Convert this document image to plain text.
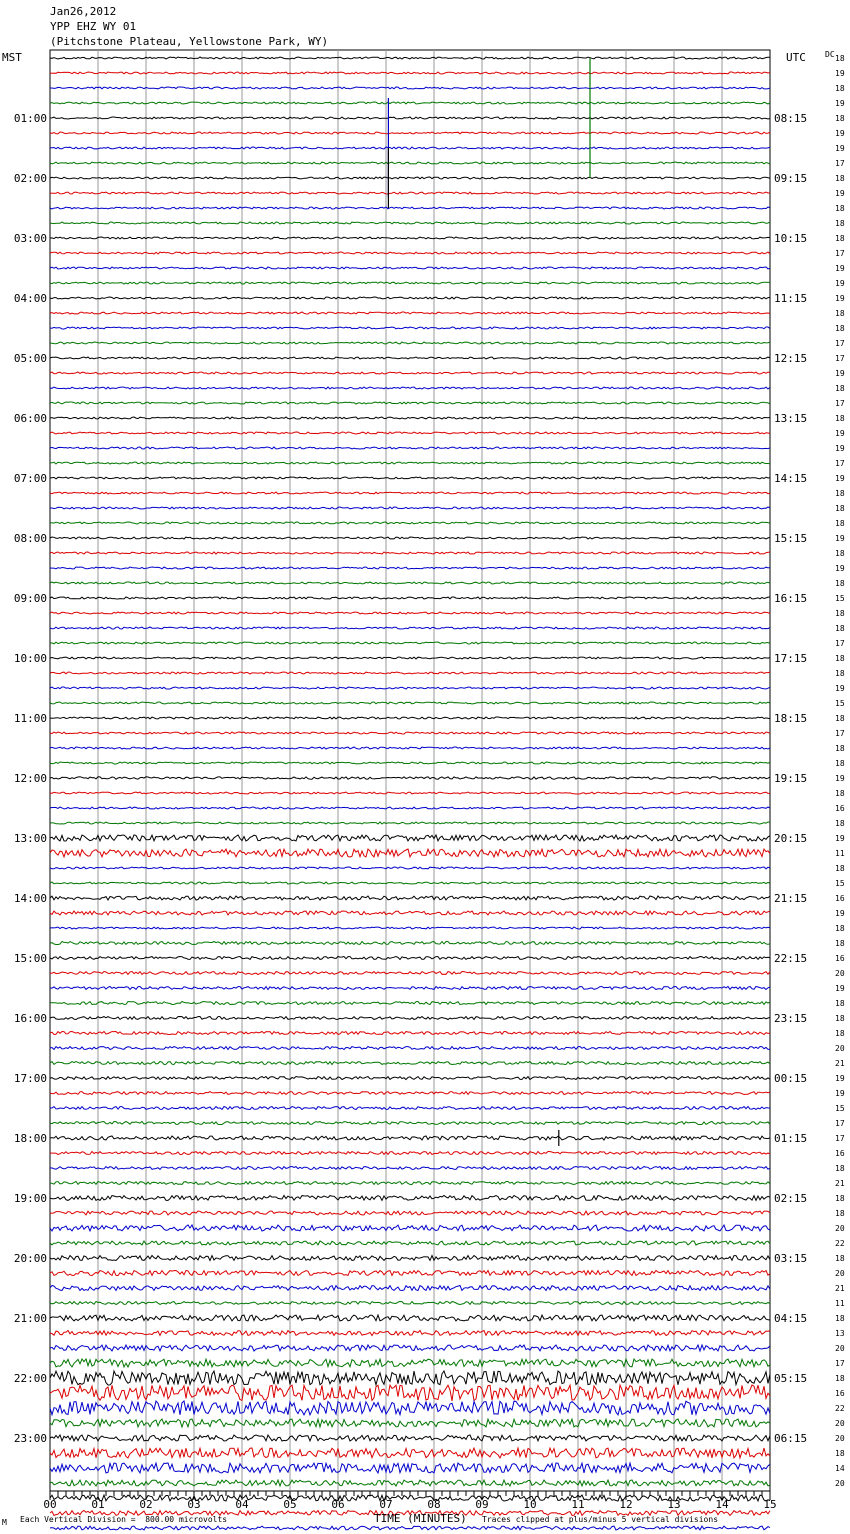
01:00	08:15
02:00	09:15
03:00	10:15
04:00	11:15
05:00	12:15
06:00	13:15
07:00	14:15
08:00	15:15
09:00	16:15
10:00	17:15
11:00	18:15
12:00	19:15
13:00	20:15
14:00	21:15
15:00	22:15
16:00	23:15
17:00	00:15
18:00	01:15
19:00	02:15
20:00	03:15
21:00	04:15
22:00	05:15
23:00	06:15
18
19
18
19
18
19
19
17
18
19
18
18
18
17
19
19
19
18
18
17
17
19
18
17
18
19
19
17
19
18
18
18
19
18
19
18
15
18
18
17
18
18
19
15
18
17
18
18
19
18
16
18
19
11
18
15
16
19
18
18
16
20
19
18
18
18
20
21
19
19
15
17
17
16
18
21
18
18
20
22
18
20
21
11
18
13
20
17
18
16
22
20
20
18
14
20
00	01	02	03	04	05	06	07	08	09	10	11	12	13	14	15
Jan26,2012
YPP EHZ WY 01
(Pitchstone Plateau, Yellowstone Park, WY)
MST	UTC DC
M Each Vertical Division =  800.00 microvolts	TIME (MINUTES) Traces clipped at plus/minus 5 vertical divisions
